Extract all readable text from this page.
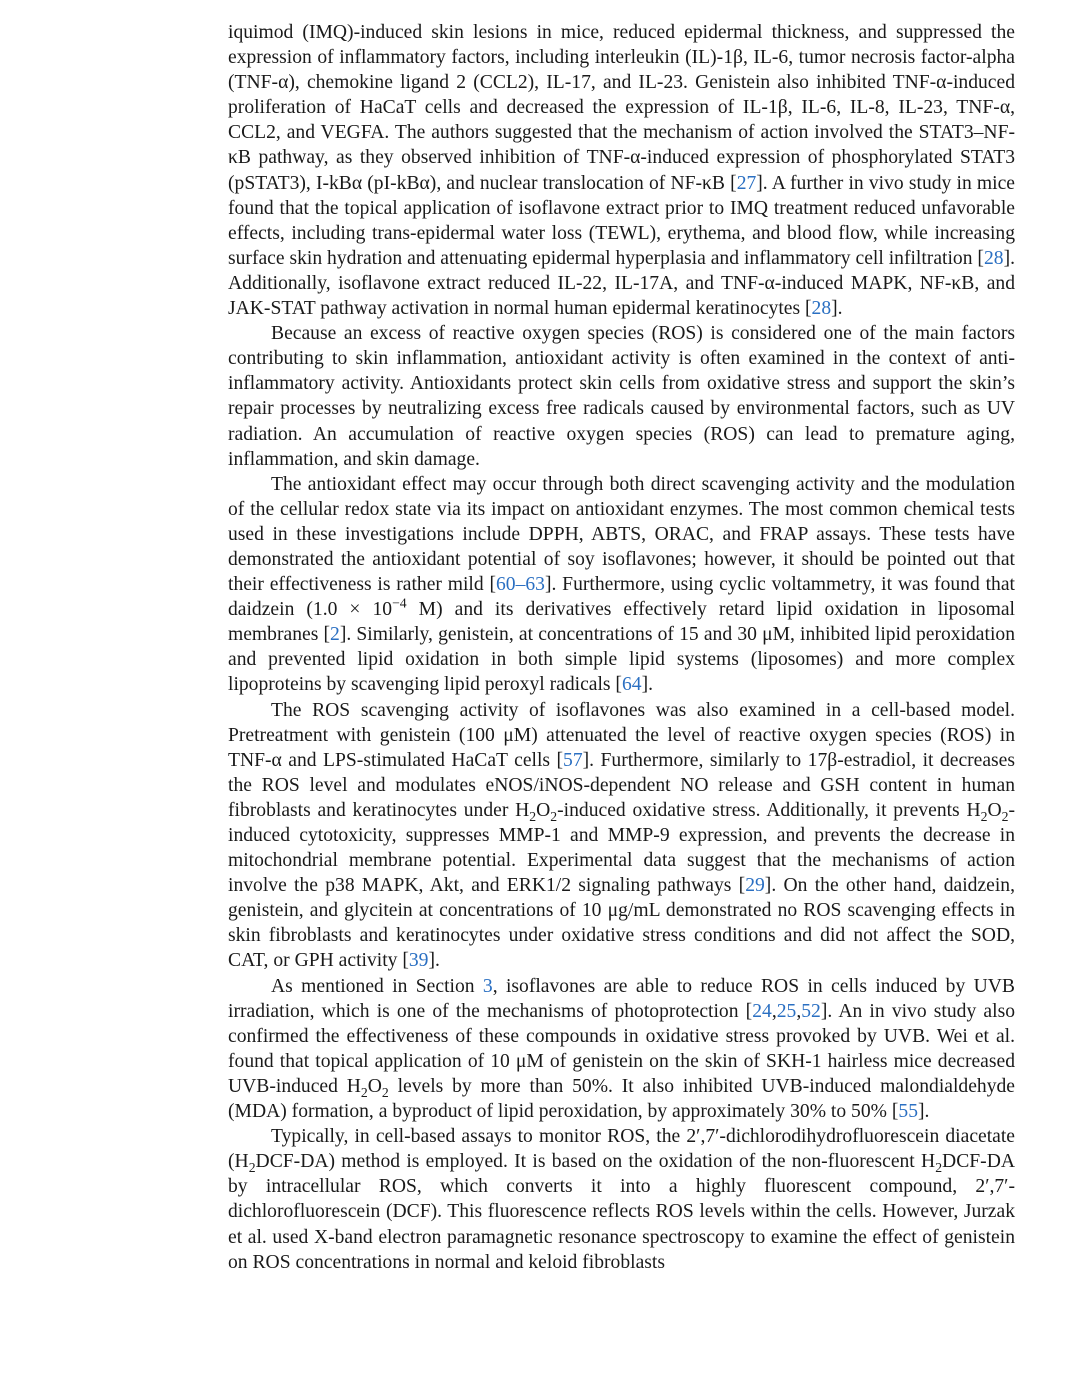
iquimod (IMQ)-induced skin lesions in mice, reduced epidermal thickness, and suppressed the expression of inflammatory factors, including interleukin (IL)-1β, IL-6, tumor necrosis factor-alpha (TNF-α), chemokine ligand 2 (CCL2), IL-17, and IL-23. Genistein also inhibited TNF-α-induced proliferation of HaCaT cells and decreased the expression of IL-1β, IL-6, IL-8, IL-23, TNF-α, CCL2, and VEGFA. The authors suggested that the mechanism of action involved the STAT3–NF-κB pathway, as they observed inhibition of TNF-α-induced expression of phosphorylated STAT3 (pSTAT3), I-kBα (pI-kBα), and nuclear translocation of NF-κB [27]. A further in vivo study in mice found that the topical application of isoflavone extract prior to IMQ treatment reduced unfavorable effects, including trans-epidermal water loss (TEWL), erythema, and blood flow, while increasing surface skin hydration and attenuating epidermal hyperplasia and inflammatory cell infiltration [28]. Additionally, isoflavone extract reduced IL-22, IL-17A, and TNF-α-induced MAPK, NF-κB, and JAK-STAT pathway activation in normal human epidermal keratinocytes [28].

Because an excess of reactive oxygen species (ROS) is considered one of the main factors contributing to skin inflammation, antioxidant activity is often examined in the context of anti-inflammatory activity. Antioxidants protect skin cells from oxidative stress and support the skin’s repair processes by neutralizing excess free radicals caused by environmental factors, such as UV radiation. An accumulation of reactive oxygen species (ROS) can lead to premature aging, inflammation, and skin damage.

The antioxidant effect may occur through both direct scavenging activity and the modulation of the cellular redox state via its impact on antioxidant enzymes. The most common chemical tests used in these investigations include DPPH, ABTS, ORAC, and FRAP assays. These tests have demonstrated the antioxidant potential of soy isoflavones; however, it should be pointed out that their effectiveness is rather mild [60–63]. Furthermore, using cyclic voltammetry, it was found that daidzein ($1.0 \times 10^{-4}$ M) and its derivatives effectively retard lipid oxidation in liposomal membranes [2]. Similarly, genistein, at concentrations of 15 and 30 μM, inhibited lipid peroxidation and prevented lipid oxidation in both simple lipid systems (liposomes) and more complex lipoproteins by scavenging lipid peroxyl radicals [64].

The ROS scavenging activity of isoflavones was also examined in a cell-based model. Pretreatment with genistein (100 μM) attenuated the level of reactive oxygen species (ROS) in TNF-α and LPS-stimulated HaCaT cells [57]. Furthermore, similarly to 17β-estradiol, it decreases the ROS level and modulates eNOS/iNOS-dependent NO release and GSH content in human fibroblasts and keratinocytes under $H_2O_2$-induced oxidative stress. Additionally, it prevents $H_2O_2$-induced cytotoxicity, suppresses MMP-1 and MMP-9 expression, and prevents the decrease in mitochondrial membrane potential. Experimental data suggest that the mechanisms of action involve the p38 MAPK, Akt, and ERK1/2 signaling pathways [29]. On the other hand, daidzein, genistein, and glycitein at concentrations of 10 μg/mL demonstrated no ROS scavenging effects in skin fibroblasts and keratinocytes under oxidative stress conditions and did not affect the SOD, CAT, or GPH activity [39].

As mentioned in Section 3, isoflavones are able to reduce ROS in cells induced by UVB irradiation, which is one of the mechanisms of photoprotection [24,25,52]. An in vivo study also confirmed the effectiveness of these compounds in oxidative stress provoked by UVB. Wei et al. found that topical application of 10 μM of genistein on the skin of SKH-1 hairless mice decreased UVB-induced $H_2O_2$ levels by more than 50%. It also inhibited UVB-induced malondialdehyde (MDA) formation, a byproduct of lipid peroxidation, by approximately 30% to 50% [55].

Typically, in cell-based assays to monitor ROS, the 2′,7′-dichlorodihydrofluorescein diacetate $(H_2DCF-DA)$ method is employed. It is based on the oxidation of the non-fluorescent $H_2DCF-DA$ by intracellular ROS, which converts it into a highly fluorescent compound, 2′,7′-dichlorofluorescein (DCF). This fluorescence reflects ROS levels within the cells. However, Jurzak et al. used X-band electron paramagnetic resonance spectroscopy to examine the effect of genistein on ROS concentrations in normal and keloid fibroblasts
